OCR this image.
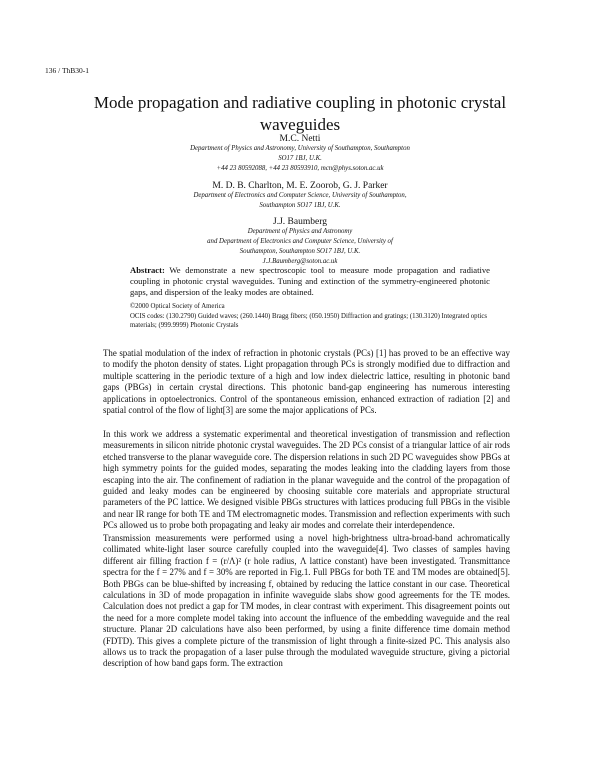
136 / ThB30-1
Mode propagation and radiative coupling in photonic crystal waveguides
M.C. Netti
Department of Physics and Astronomy, University of Southampton, Southampton
SO17 1BJ, U.K.
+44 23 80592088, +44 23 80593910, mcn@phys.soton.ac.uk
M. D. B. Charlton, M. E. Zoorob, G. J. Parker
Department of Electronics and Computer Science, University of Southampton,
Southampton SO17 1BJ, U.K.
J.J. Baumberg
Department of Physics and Astronomy
and Department of Electronics and Computer Science, University of
Southampton, Southampton SO17 1BJ, U.K.
J.J.Baumberg@soton.ac.uk
Abstract: We demonstrate a new spectroscopic tool to measure mode propagation and radiative coupling in photonic crystal waveguides. Tuning and extinction of the symmetry-engineered photonic gaps, and dispersion of the leaky modes are obtained.
©2000 Optical Society of America
OCIS codes: (130.2790) Guided waves; (260.1440) Bragg fibers; (050.1950) Diffraction and gratings; (130.3120) Integrated optics materials; (999.9999) Photonic Crystals
The spatial modulation of the index of refraction in photonic crystals (PCs) [1] has proved to be an effective way to modify the photon density of states. Light propagation through PCs is strongly modified due to diffraction and multiple scattering in the periodic texture of a high and low index dielectric lattice, resulting in photonic band gaps (PBGs) in certain crystal directions. This photonic band-gap engineering has numerous interesting applications in optoelectronics. Control of the spontaneous emission, enhanced extraction of radiation [2] and spatial control of the flow of light[3] are some the major applications of PCs.
In this work we address a systematic experimental and theoretical investigation of transmission and reflection measurements in silicon nitride photonic crystal waveguides. The 2D PCs consist of a triangular lattice of air rods etched transverse to the planar waveguide core. The dispersion relations in such 2D PC waveguides show PBGs at high symmetry points for the guided modes, separating the modes leaking into the cladding layers from those escaping into the air. The confinement of radiation in the planar waveguide and the control of the propagation of guided and leaky modes can be engineered by choosing suitable core materials and appropriate structural parameters of the PC lattice. We designed visible PBGs structures with lattices producing full PBGs in the visible and near IR range for both TE and TM electromagnetic modes. Transmission and reflection experiments with such PCs allowed us to probe both propagating and leaky air modes and correlate their interdependence.
Transmission measurements were performed using a novel high-brightness ultra-broad-band achromatically collimated white-light laser source carefully coupled into the waveguide[4]. Two classes of samples having different air filling fraction f = (r/Λ)² (r hole radius, Λ lattice constant) have been investigated. Transmittance spectra for the f = 27% and f = 30% are reported in Fig.1. Full PBGs for both TE and TM modes are obtained[5]. Both PBGs can be blue-shifted by increasing f, obtained by reducing the lattice constant in our case. Theoretical calculations in 3D of mode propagation in infinite waveguide slabs show good agreements for the TE modes. Calculation does not predict a gap for TM modes, in clear contrast with experiment. This disagreement points out the need for a more complete model taking into account the influence of the embedding waveguide and the real structure. Planar 2D calculations have also been performed, by using a finite difference time domain method (FDTD). This gives a complete picture of the transmission of light through a finite-sized PC. This analysis also allows us to track the propagation of a laser pulse through the modulated waveguide structure, giving a pictorial description of how band gaps form. The extraction
